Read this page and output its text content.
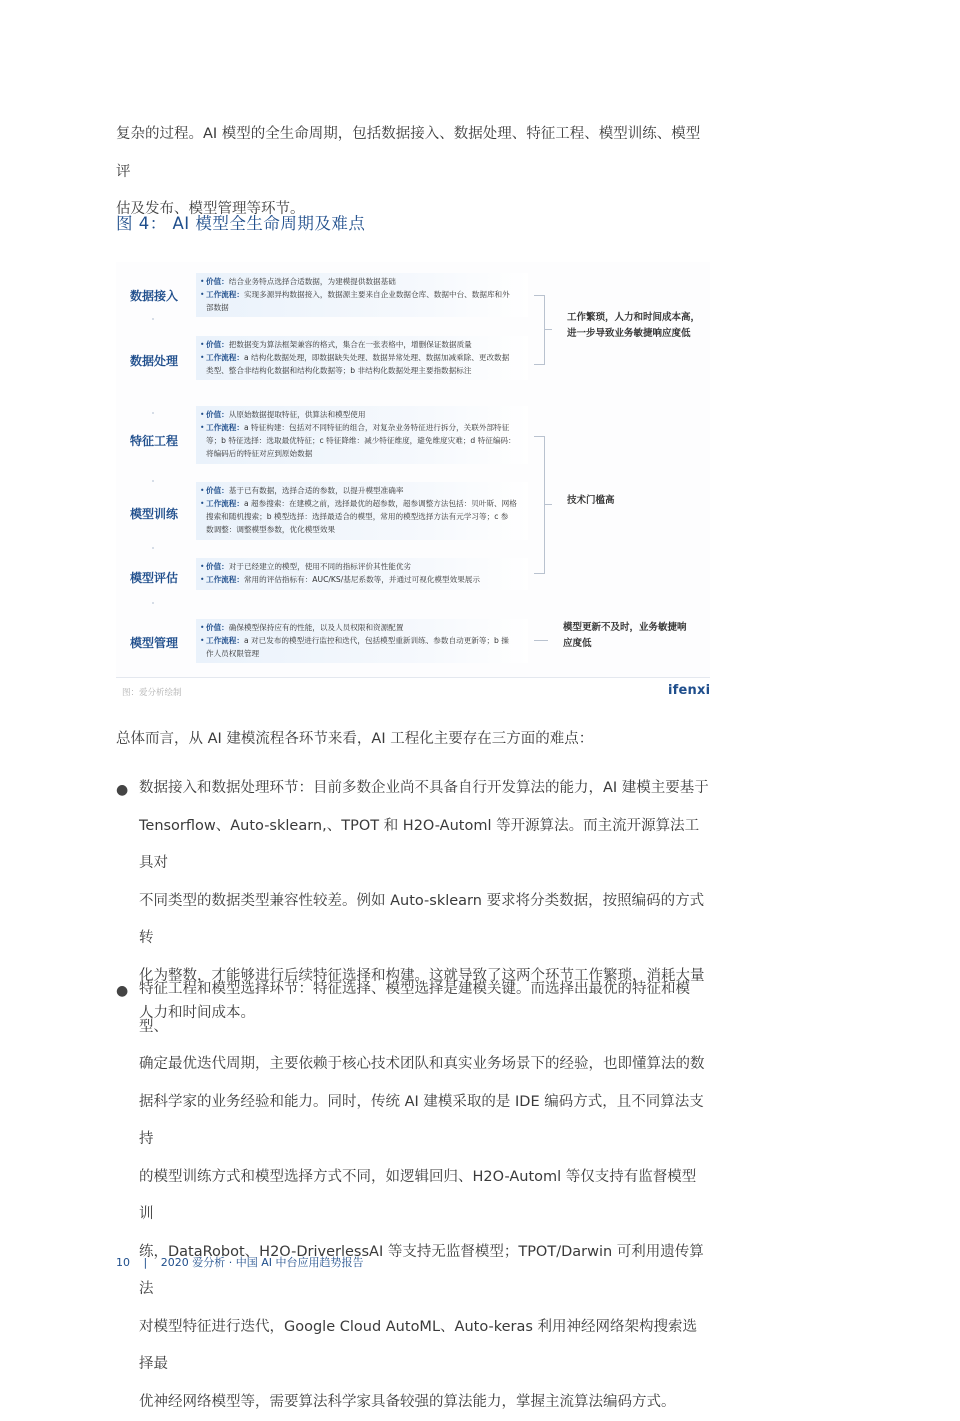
复杂的过程。AI 模型的全生命周期，包括数据接入、数据处理、特征工程、模型训练、模型评
估及发布、模型管理等环节。
图 4： AI 模型全生命周期及难点
数据接入
• 价值：结合业务特点选择合适数据，为建模提供数据基础
• 工作流程：实现多源异构数据接入，数据源主要来自企业数据仓库、数据中台、数据库和外
部数据
数据处理
• 价值：把数据变为算法框架兼容的格式，集合在一张表格中，增删保证数据质量
• 工作流程：a 结构化数据处理，即数据缺失处理、数据异常处理、数据加减乘除、更改数据
类型、整合非结构化数据和结构化数据等；b 非结构化数据处理主要指数据标注
特征工程
• 价值：从原始数据提取特征，供算法和模型使用
• 工作流程：a 特征构建：包括对不同特征的组合，对复杂业务特征进行拆分，关联外部特征
等；b 特征选择：选取最优特征；c 特征降维：减少特征维度，避免维度灾难；d 特征编码：
将编码后的特征对应到原始数据
模型训练
• 价值：基于已有数据，选择合适的参数，以提升模型准确率
• 工作流程：a 超参搜索：在建模之前，选择最优的超参数，超参调整方法包括：贝叶斯、网格
搜索和随机搜索；b 模型选择：选择最适合的模型，常用的模型选择方法有元学习等；c 参
数调整：调整模型参数，优化模型效果
模型评估
• 价值：对于已经建立的模型，使用不同的指标评价其性能优劣
• 工作流程：常用的评估指标有：AUC/KS/基尼系数等，并通过可视化模型效果展示
模型管理
• 价值：确保模型保持应有的性能，以及人员权限和资源配置
• 工作流程：a 对已发布的模型进行监控和迭代，包括模型重新训练、参数自动更新等；b 操
作人员权限管理
工作繁琐，人力和时间成本高，
进一步导致业务敏捷响应度低
技术门槛高
模型更新不及时，业务敏捷响
应度低
图：爱分析绘制	ifenxi
总体而言，从 AI 建模流程各环节来看，AI 工程化主要存在三方面的难点：
● 数据接入和数据处理环节：目前多数企业尚不具备自行开发算法的能力，AI 建模主要基于
Tensorflow、Auto-sklearn,、TPOT 和 H2O-Automl 等开源算法。而主流开源算法工具对
不同类型的数据类型兼容性较差。例如 Auto-sklearn 要求将分类数据，按照编码的方式转
化为整数，才能够进行后续特征选择和构建。这就导致了这两个环节工作繁琐，消耗大量
人力和时间成本。
● 特征工程和模型选择环节：特征选择、模型选择是建模关键。而选择出最优的特征和模型、
确定最优迭代周期，主要依赖于核心技术团队和真实业务场景下的经验，也即懂算法的数
据科学家的业务经验和能力。同时，传统 AI 建模采取的是 IDE 编码方式，且不同算法支持
的模型训练方式和模型选择方式不同，如逻辑回归、H2O-Automl 等仅支持有监督模型训
练，DataRobot、H2O-DriverlessAI 等支持无监督模型；TPOT/Darwin 可利用遗传算法
对模型特征进行迭代，Google Cloud AutoML、Auto-keras 利用神经网络架构搜索选择最
优神经网络模型等，需要算法科学家具备较强的算法能力，掌握主流算法编码方式。
10 | 2020 爱分析 · 中国 AI 中台应用趋势报告
